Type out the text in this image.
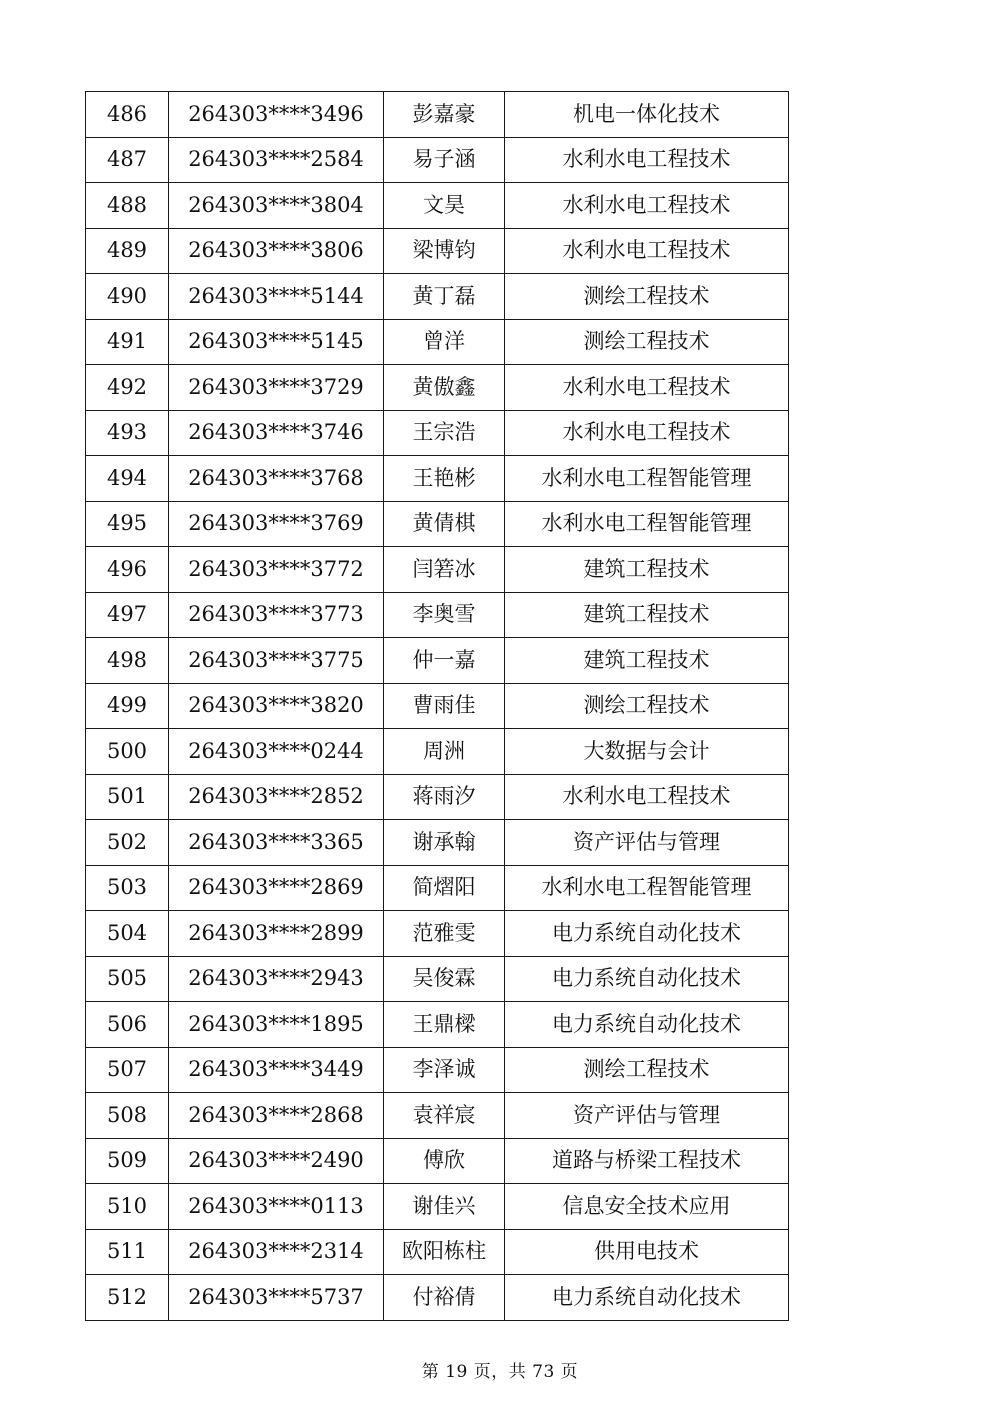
486	264303****3496	彭嘉豪	机电一体化技术
487	264303****2584	易子涵	水利水电工程技术
488	264303****3804	文昊	水利水电工程技术
489	264303****3806	梁博钧	水利水电工程技术
490	264303****5144	黄丁磊	测绘工程技术
491	264303****5145	曾洋	测绘工程技术
492	264303****3729	黄傲鑫	水利水电工程技术
493	264303****3746	王宗浩	水利水电工程技术
494	264303****3768	王艳彬	水利水电工程智能管理
495	264303****3769	黄倩棋	水利水电工程智能管理
496	264303****3772	闫箬冰	建筑工程技术
497	264303****3773	李奥雪	建筑工程技术
498	264303****3775	仲一嘉	建筑工程技术
499	264303****3820	曹雨佳	测绘工程技术
500	264303****0244	周洲	大数据与会计
501	264303****2852	蒋雨汐	水利水电工程技术
502	264303****3365	谢承翰	资产评估与管理
503	264303****2869	简熠阳	水利水电工程智能管理
504	264303****2899	范雅雯	电力系统自动化技术
505	264303****2943	吴俊霖	电力系统自动化技术
506	264303****1895	王鼎樑	电力系统自动化技术
507	264303****3449	李泽诚	测绘工程技术
508	264303****2868	袁祥宸	资产评估与管理
509	264303****2490	傅欣	道路与桥梁工程技术
510	264303****0113	谢佳兴	信息安全技术应用
511	264303****2314	欧阳栋柱	供用电技术
512	264303****5737	付裕倩	电力系统自动化技术
第 19 页，共 73 页
